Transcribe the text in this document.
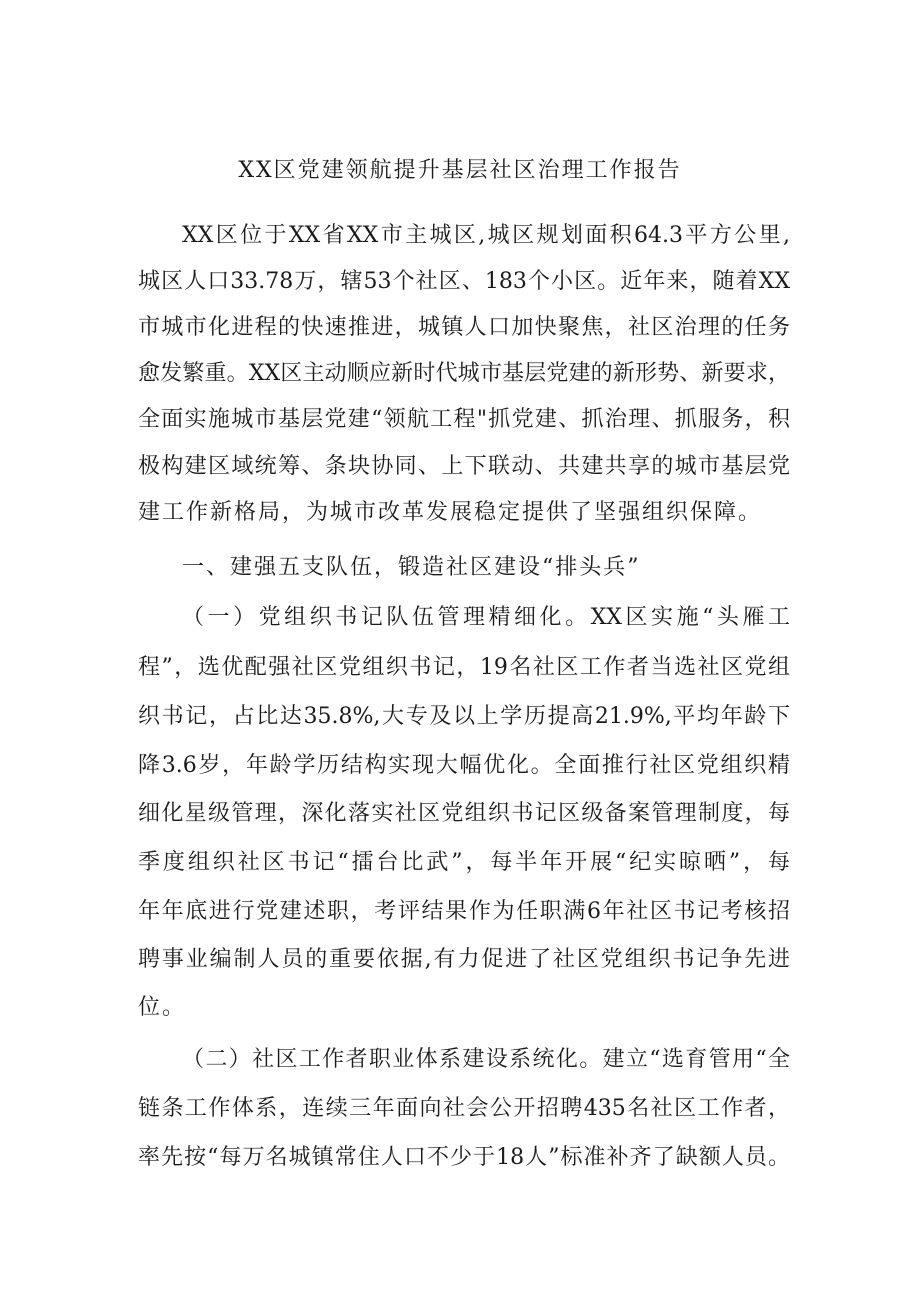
XX区党建领航提升基层社区治理工作报告
XX区位于XX省XX市主城区,城区规划面积64.3平方公里,
城区人口33.78万，辖53个社区、183个小区。近年来，随着XX
市城市化进程的快速推进，城镇人口加快聚焦，社区治理的任务
愈发繁重。XX区主动顺应新时代城市基层党建的新形势、新要求，
全面实施城市基层党建“领航工程"抓党建、抓治理、抓服务，积
极构建区域统筹、条块协同、上下联动、共建共享的城市基层党
建工作新格局，为城市改革发展稳定提供了坚强组织保障。
一、建强五支队伍，锻造社区建设“排头兵”
（一）党组织书记队伍管理精细化。XX区实施“头雁工
程”，选优配强社区党组织书记，19名社区工作者当选社区党组
织书记，占比达35.8%,大专及以上学历提高21.9%,平均年龄下
降3.6岁，年龄学历结构实现大幅优化。全面推行社区党组织精
细化星级管理，深化落实社区党组织书记区级备案管理制度，每
季度组织社区书记“擂台比武”，每半年开展“纪实晾晒”，每
年年底进行党建述职，考评结果作为任职满6年社区书记考核招
聘事业编制人员的重要依据,有力促进了社区党组织书记争先进
位。
（二）社区工作者职业体系建设系统化。建立“选育管用“全
链条工作体系，连续三年面向社会公开招聘435名社区工作者，
率先按“每万名城镇常住人口不少于18人”标准补齐了缺额人员。
